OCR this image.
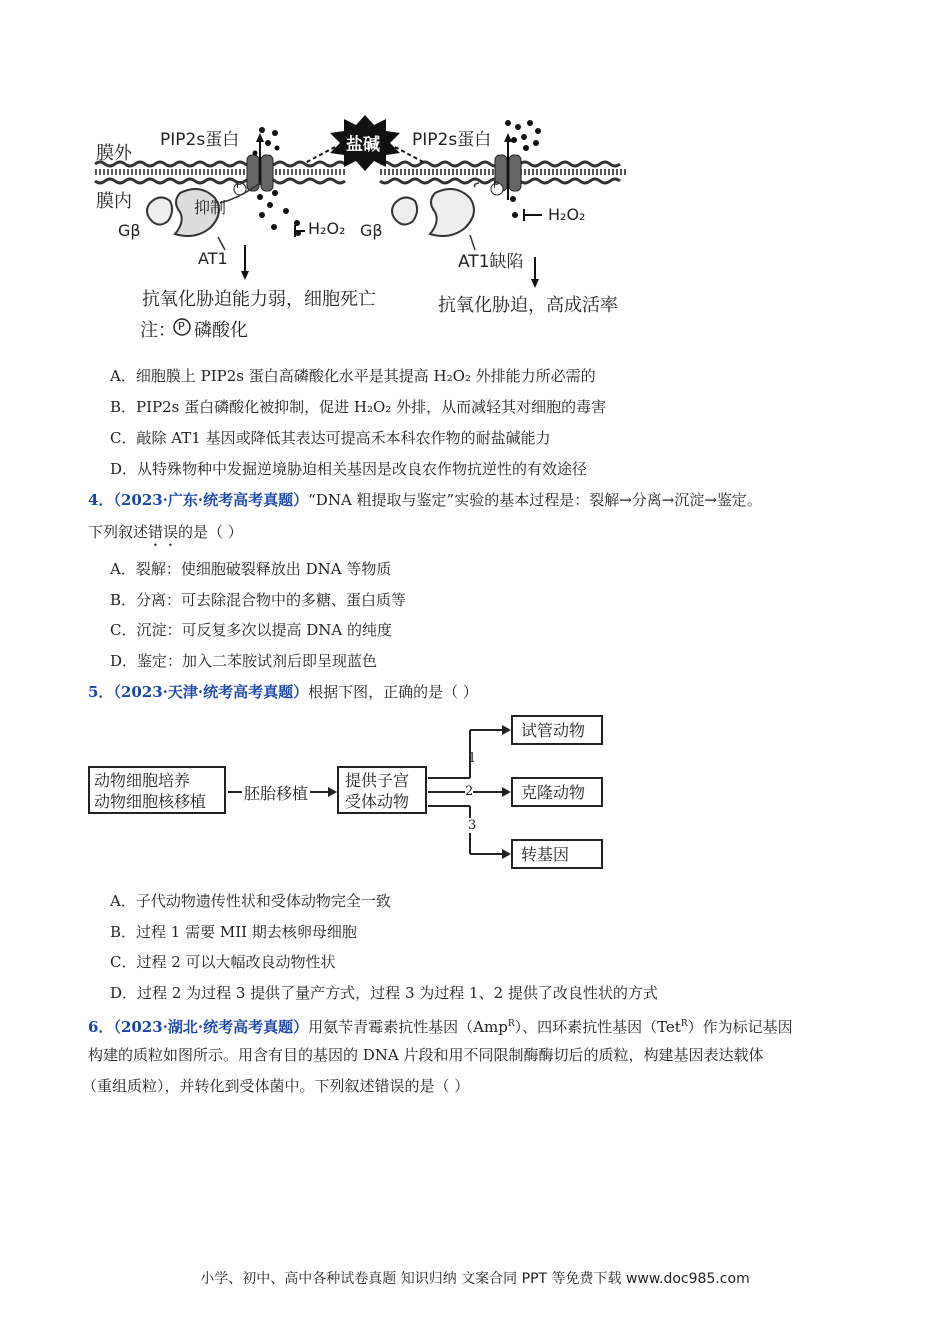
膜外
膜内
PIP2s蛋白	盐碱 PIP2s蛋白
抑制
P	P
H₂O₂
H₂O₂
Gβ	Gβ
AT1	AT1缺陷
抗氧化胁迫能力弱，细胞死亡	抗氧化胁迫，高成活率
注： P 磷酸化
A．细胞膜上 PIP2s 蛋白高磷酸化水平是其提高 H₂O₂ 外排能力所必需的
B．PIP2s 蛋白磷酸化被抑制，促进 H₂O₂ 外排，从而减轻其对细胞的毒害
C．敲除 AT1 基因或降低其表达可提高禾本科农作物的耐盐碱能力
D．从特殊物种中发掘逆境胁迫相关基因是改良农作物抗逆性的有效途径
4．（2023·广东·统考高考真题）“DNA 粗提取与鉴定”实验的基本过程是：裂解→分离→沉淀→鉴定。
下列叙述错误的是（ ）
A．裂解：使细胞破裂释放出 DNA 等物质
B．分离：可去除混合物中的多糖、蛋白质等
C．沉淀：可反复多次以提高 DNA 的纯度
D．鉴定：加入二苯胺试剂后即呈现蓝色
5．（2023·天津·统考高考真题）根据下图，正确的是（ ）
动物细胞培养
动物细胞核移植	胚胎移植
提供子宫
受体动物
试管动物
克隆动物
转基因
1
2
3
A．子代动物遗传性状和受体动物完全一致
B．过程 1 需要 MII 期去核卵母细胞
C．过程 2 可以大幅改良动物性状
D．过程 2 为过程 3 提供了量产方式，过程 3 为过程 1、2 提供了改良性状的方式
6．（2023·湖北·统考高考真题）用氨苄青霉素抗性基因（Amp$^R$）、四环素抗性基因（Tet$^R$）作为标记基因
构建的质粒如图所示。用含有目的基因的 DNA 片段和用不同限制酶酶切后的质粒，构建基因表达载体
（重组质粒），并转化到受体菌中。下列叙述错误的是（ ）
小学、初中、高中各种试卷真题 知识归纳 文案合同 PPT 等免费下载 www.doc985.com
